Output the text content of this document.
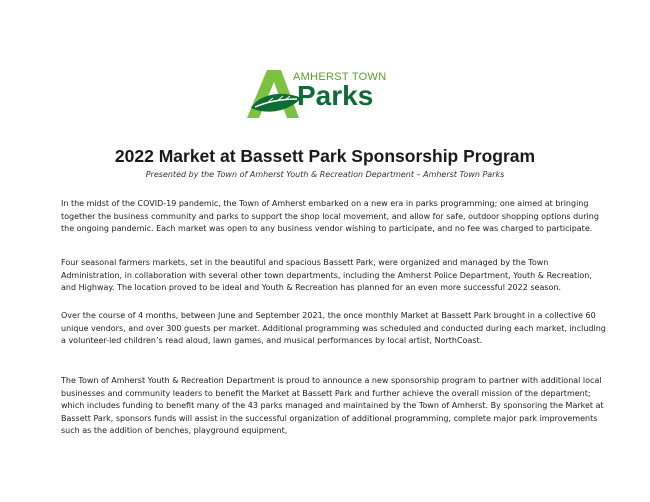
AMHERST TOWN
Parks
2022 Market at Bassett Park Sponsorship Program
Presented by the Town of Amherst Youth & Recreation Department – Amherst Town Parks

In the midst of the COVID-19 pandemic, the Town of Amherst embarked on a new era in parks programming; one aimed at bringing together the business community and parks to support the shop local movement, and allow for safe, outdoor shopping options during the ongoing pandemic. Each market was open to any business vendor wishing to participate, and no fee was charged to participate.

Four seasonal farmers markets, set in the beautiful and spacious Bassett Park, were organized and managed by the Town Administration, in collaboration with several other town departments, including the Amherst Police Department, Youth & Recreation, and Highway. The location proved to be ideal and Youth & Recreation has planned for an even more successful 2022 season.

Over the course of 4 months, between June and September 2021, the once monthly Market at Bassett Park brought in a collective 60 unique vendors, and over 300 guests per market. Additional programming was scheduled and conducted during each market, including a volunteer-led children’s read aloud, lawn games, and musical performances by local artist, NorthCoast.

The Town of Amherst Youth & Recreation Department is proud to announce a new sponsorship program to partner with additional local businesses and community leaders to benefit the Market at Bassett Park and further achieve the overall mission of the department; which includes funding to benefit many of the 43 parks managed and maintained by the Town of Amherst. By sponsoring the Market at Bassett Park, sponsors funds will assist in the successful organization of additional programming, complete major park improvements such as the addition of benches, playground equipment,
